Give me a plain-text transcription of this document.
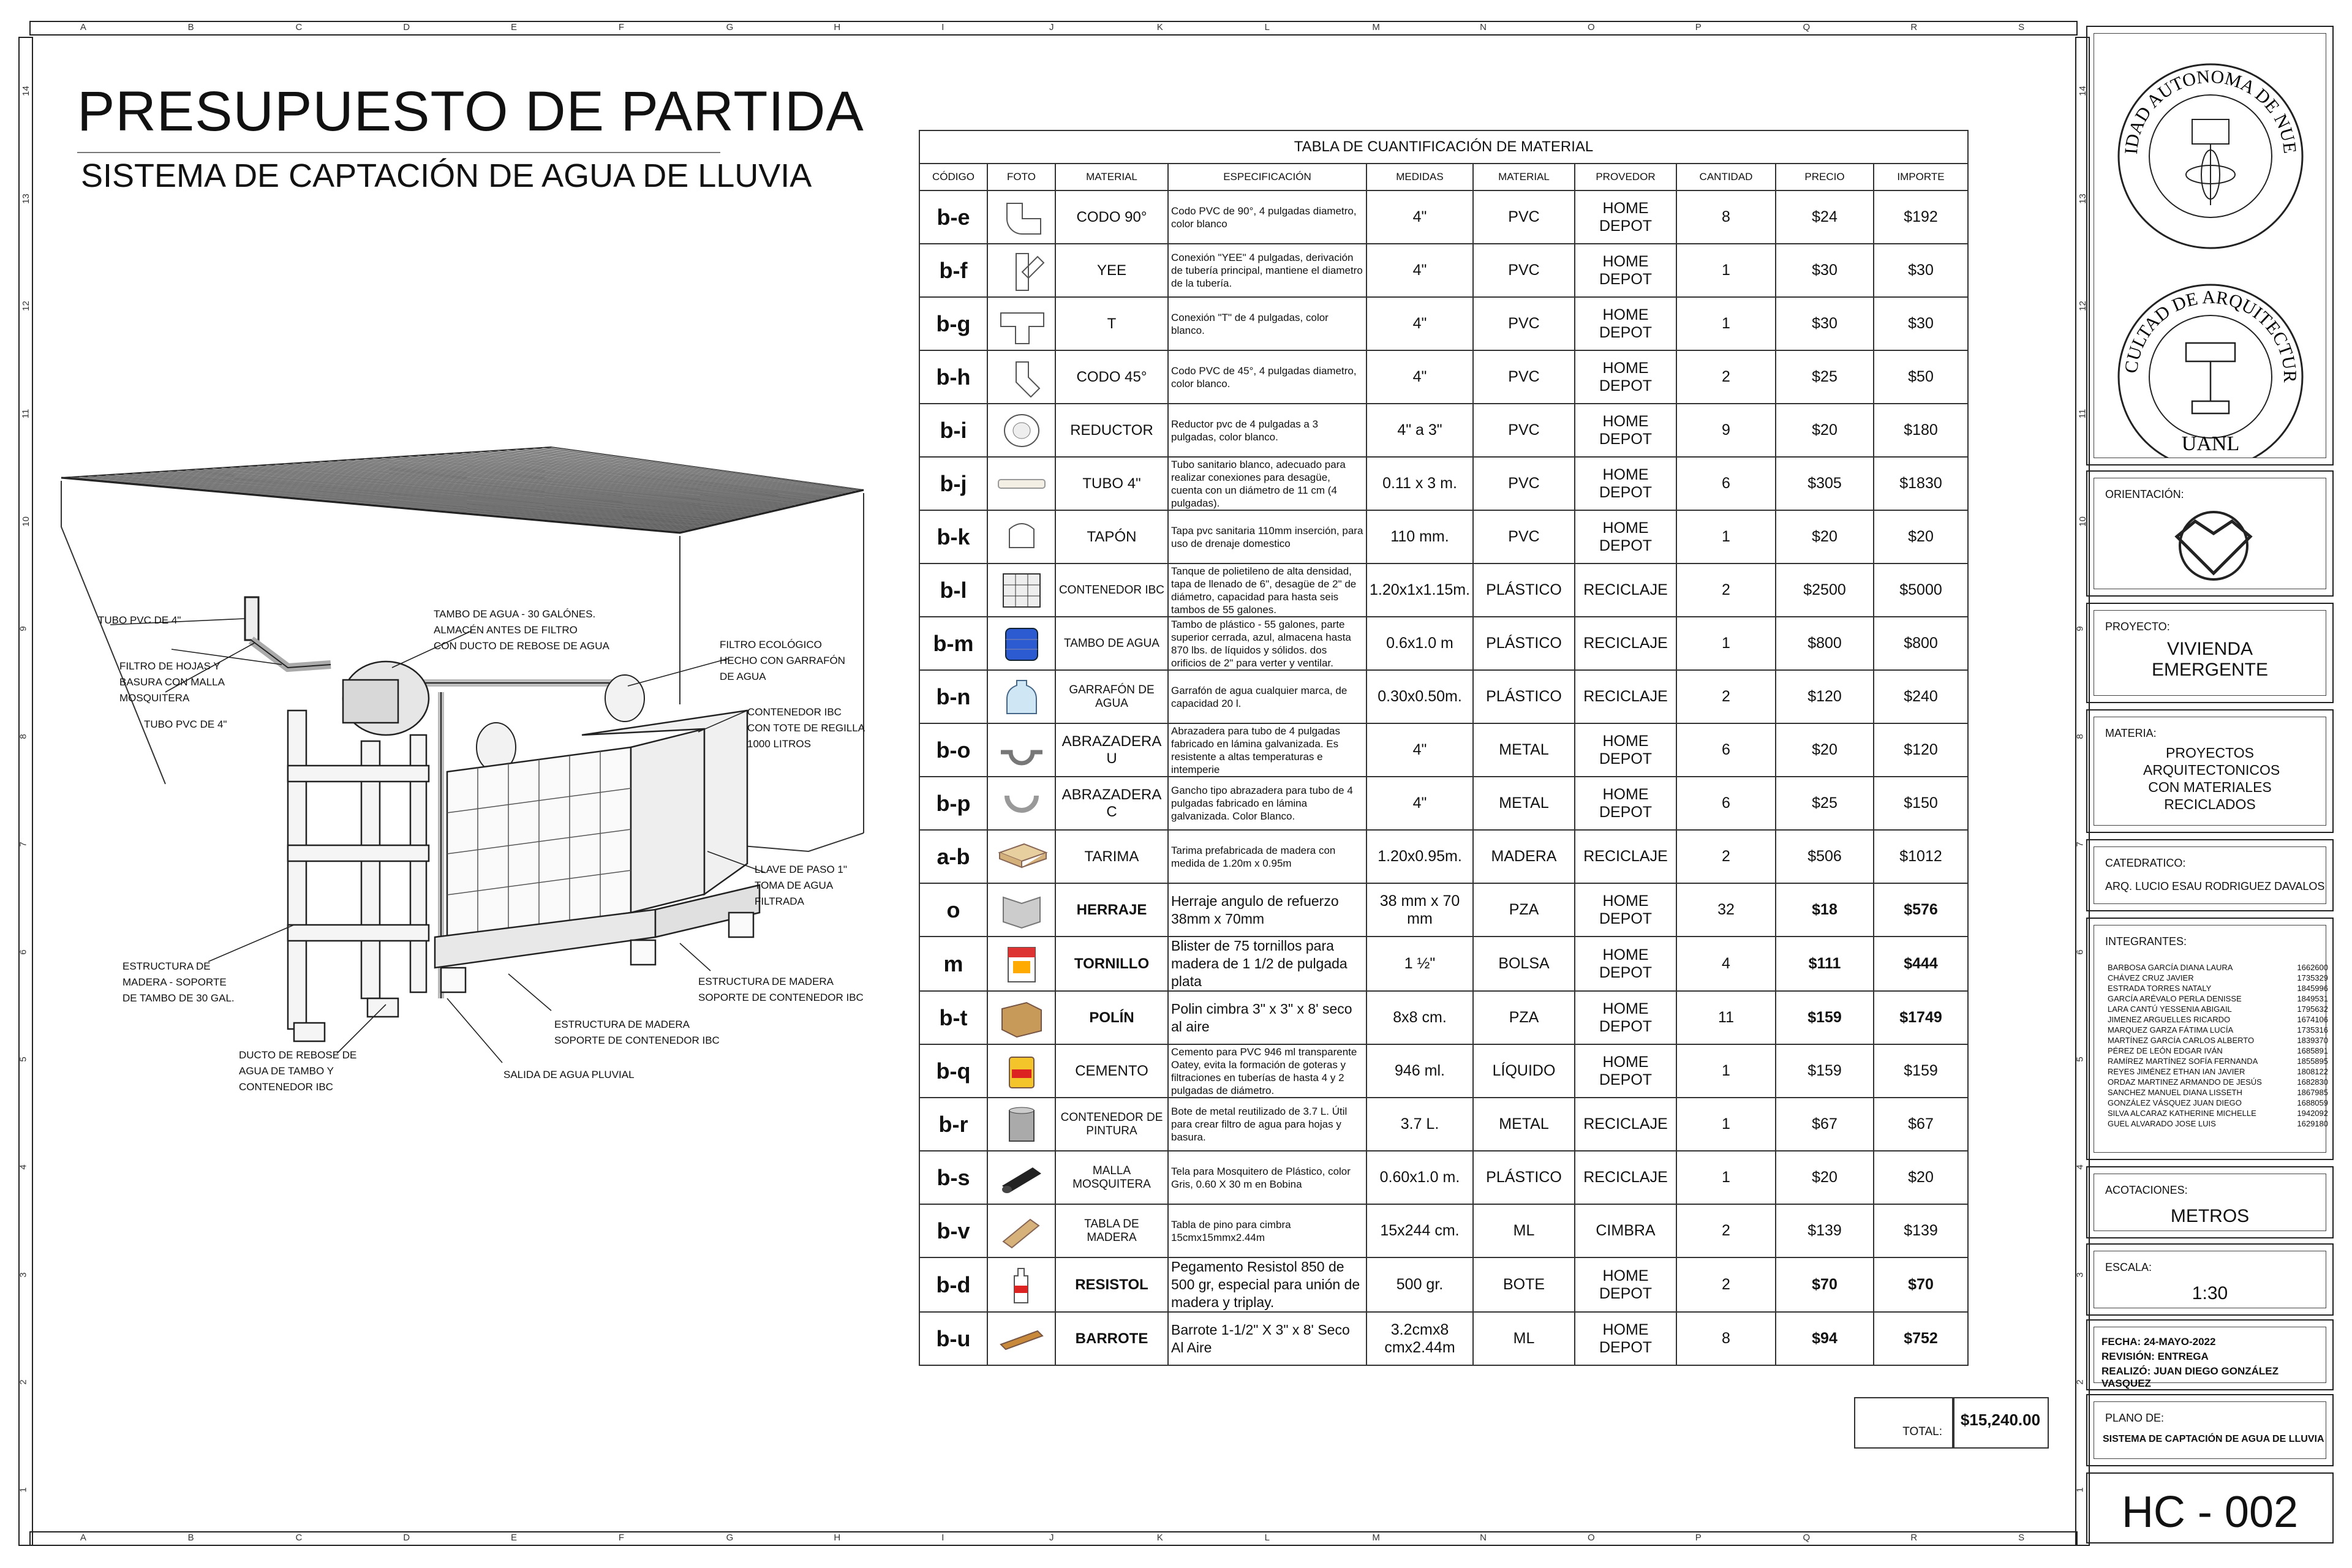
A
A
B
B
C
C
D
D
E
E
F
F
G
G
H
H
I
I
J
J
K
K
L
L
M
M
N
N
O
O
P
P
Q
Q
R
R
S
S
14	14
13	13
12	12
11	11
10	10
9	9
8	8
7	7
6	6
5	5
4	4
3	3
2	2
1	1
PRESUPUESTO DE PARTIDA
SISTEMA DE CAPTACIÓN DE AGUA DE LLUVIA
TUBO PVC DE 4"
FILTRO DE HOJAS Y
BASURA CON MALLA
MOSQUITERA
TUBO PVC DE 4"
TAMBO DE AGUA - 30 GALÓNES.
ALMACÉN ANTES DE FILTRO
CON DUCTO DE REBOSE DE AGUA	FILTRO ECOLÓGICO
HECHO CON GARRAFÓN
DE AGUA
CONTENEDOR IBC
CON TOTE DE REGILLA
1000 LITROS
LLAVE DE PASO 1"
TOMA DE AGUA
FILTRADA
ESTRUCTURA DE
MADERA - SOPORTE
DE TAMBO DE 30 GAL.
ESTRUCTURA DE MADERA
SOPORTE DE CONTENEDOR IBC
ESTRUCTURA DE MADERA
SOPORTE DE CONTENEDOR IBC
DUCTO DE REBOSE DE
AGUA DE TAMBO Y
CONTENEDOR IBC
SALIDA DE AGUA PLUVIAL
TABLA DE CUANTIFICACIÓN DE MATERIAL									
CÓDIGO	FOTO	MATERIAL	ESPECIFICACIÓN	MEDIDAS	MATERIAL	PROVEDOR	CANTIDAD	PRECIO	IMPORTE
b-e		CODO 90°	Codo PVC de 90°, 4 pulgadas diametro, color blanco	4"	PVC	HOME DEPOT	8	$24	$192
b-f		YEE	Conexión "YEE" 4 pulgadas, derivación de tubería principal, mantiene el diametro de la tubería.	4"	PVC	HOME DEPOT	1	$30	$30
b-g		T	Conexión "T" de 4 pulgadas, color blanco.	4"	PVC	HOME DEPOT	1	$30	$30
b-h		CODO 45°	Codo PVC de 45°, 4 pulgadas diametro, color blanco.	4"	PVC	HOME DEPOT	2	$25	$50
b-i		REDUCTOR	Reductor pvc de 4 pulgadas a 3 pulgadas, color blanco.	4" a 3"	PVC	HOME DEPOT	9	$20	$180
b-j		TUBO 4"	Tubo sanitario blanco, adecuado para realizar conexiones para desagüe, cuenta con un diámetro de 11 cm (4 pulgadas).	0.11 x 3 m.	PVC	HOME DEPOT	6	$305	$1830
b-k		TAPÓN	Tapa pvc sanitaria 110mm inserción, para uso de drenaje domestico	110 mm.	PVC	HOME DEPOT	1	$20	$20
b-l		CONTENEDOR IBC	Tanque de polietileno de alta densidad, tapa de llenado de 6", desagüe de 2" de diámetro, capacidad para hasta seis tambos de 55 galones.	1.20x1x1.15m.	PLÁSTICO	RECICLAJE	2	$2500	$5000
b-m		TAMBO DE AGUA	Tambo de plástico - 55 galones, parte superior cerrada, azul, almacena hasta 870 lbs. de líquidos y sólidos. dos orificios de 2" para verter y ventilar.	0.6x1.0 m	PLÁSTICO	RECICLAJE	1	$800	$800
b-n		GARRAFÓN DE AGUA	Garrafón de agua cualquier marca, de capacidad 20 l.	0.30x0.50m.	PLÁSTICO	RECICLAJE	2	$120	$240
b-o		ABRAZADERA U	Abrazadera para tubo de 4 pulgadas fabricado en lámina galvanizada. Es resistente a altas temperaturas e intemperie	4"	METAL	HOME DEPOT	6	$20	$120
b-p		ABRAZADERA C	Gancho tipo abrazadera para tubo de 4 pulgadas fabricado en lámina galvanizada. Color Blanco.	4"	METAL	HOME DEPOT	6	$25	$150
a-b		TARIMA	Tarima prefabricada de madera con medida de 1.20m x 0.95m	1.20x0.95m.	MADERA	RECICLAJE	2	$506	$1012
o		HERRAJE	Herraje angulo de refuerzo 38mm x 70mm	38 mm x 70 mm	PZA	HOME DEPOT	32	$18	$576
m		TORNILLO	Blister de 75 tornillos para madera de 1 1/2 de pulgada plata	1 ½"	BOLSA	HOME DEPOT	4	$111	$444
b-t		POLÍN	Polin cimbra 3" x 3" x 8' seco al aire	8x8 cm.	PZA	HOME DEPOT	11	$159	$1749
b-q		CEMENTO	Cemento para PVC 946 ml transparente Oatey, evita la formación de goteras y filtraciones en tuberías de hasta 4 y 2 pulgadas de diámetro.	946 ml.	LÍQUIDO	HOME DEPOT	1	$159	$159
b-r		CONTENEDOR DE PINTURA	Bote de metal reutilizado de 3.7 L. Útil para crear filtro de agua para hojas y basura.	3.7 L.	METAL	RECICLAJE	1	$67	$67
b-s		MALLA MOSQUITERA	Tela para Mosquitero de Plástico, color Gris, 0.60 X 30 m en Bobina	0.60x1.0 m.	PLÁSTICO	RECICLAJE	1	$20	$20
b-v		TABLA DE MADERA	Tabla de pino para cimbra 15cmx15mmx2.44m	15x244 cm.	ML	CIMBRA	2	$139	$139
b-d		RESISTOL	Pegamento Resistol 850 de 500 gr, especial para unión de madera y triplay.	500 gr.	BOTE	HOME DEPOT	2	$70	$70
b-u		BARROTE	Barrote 1-1/2" X 3" x 8' Seco Al Aire	3.2cmx8 cmx2.44m	ML	HOME DEPOT	8	$94	$752
TOTAL:
$15,240.00
IDAD AUTONOMA DE NUE
CULTAD DE ARQUITECTUR
UANL
ORIENTACIÓN:
PROYECTO:
VIVIENDA EMERGENTE
MATERIA:
PROYECTOS ARQUITECTONICOS CON MATERIALES RECICLADOS
CATEDRATICO:
ARQ. LUCIO ESAU RODRIGUEZ DAVALOS
INTEGRANTES:
BARBOSA GARCÍA DIANA LAURA	1662600
CHÁVEZ CRUZ JAVIER	1735329
ESTRADA TORRES NATALY	1845996
GARCÍA ARÉVALO PERLA DENISSE	1849531
LARA CANTÚ YESSENIA ABIGAIL	1795632
JIMENEZ ARGUELLES RICARDO	1674106
MARQUEZ GARZA FÁTIMA LUCÍA	1735316
MARTÍNEZ GARCÍA CARLOS ALBERTO	1839370
PÉREZ DE LEÓN EDGAR IVÁN	1685891
RAMÍREZ MARTÍNEZ SOFÍA FERNANDA	1855895
REYES JIMÉNEZ ETHAN IAN JAVIER	1808122
ORDAZ MARTINEZ ARMANDO DE JESÚS	1682830
SANCHEZ MANUEL DIANA LISSETH	1867985
GONZÁLEZ VÁSQUEZ JUAN DIEGO	1688059
SILVA ALCARAZ KATHERINE MICHELLE	1942092
GUEL ALVARADO JOSE LUIS	1629180
ACOTACIONES:
METROS
ESCALA:
1:30
FECHA: 24-MAYO-2022
REVISIÓN: ENTREGA
REALIZÓ: JUAN DIEGO GONZÁLEZ VASQUEZ
PLANO DE:
SISTEMA DE CAPTACIÓN DE AGUA DE LLUVIA
HC - 002
